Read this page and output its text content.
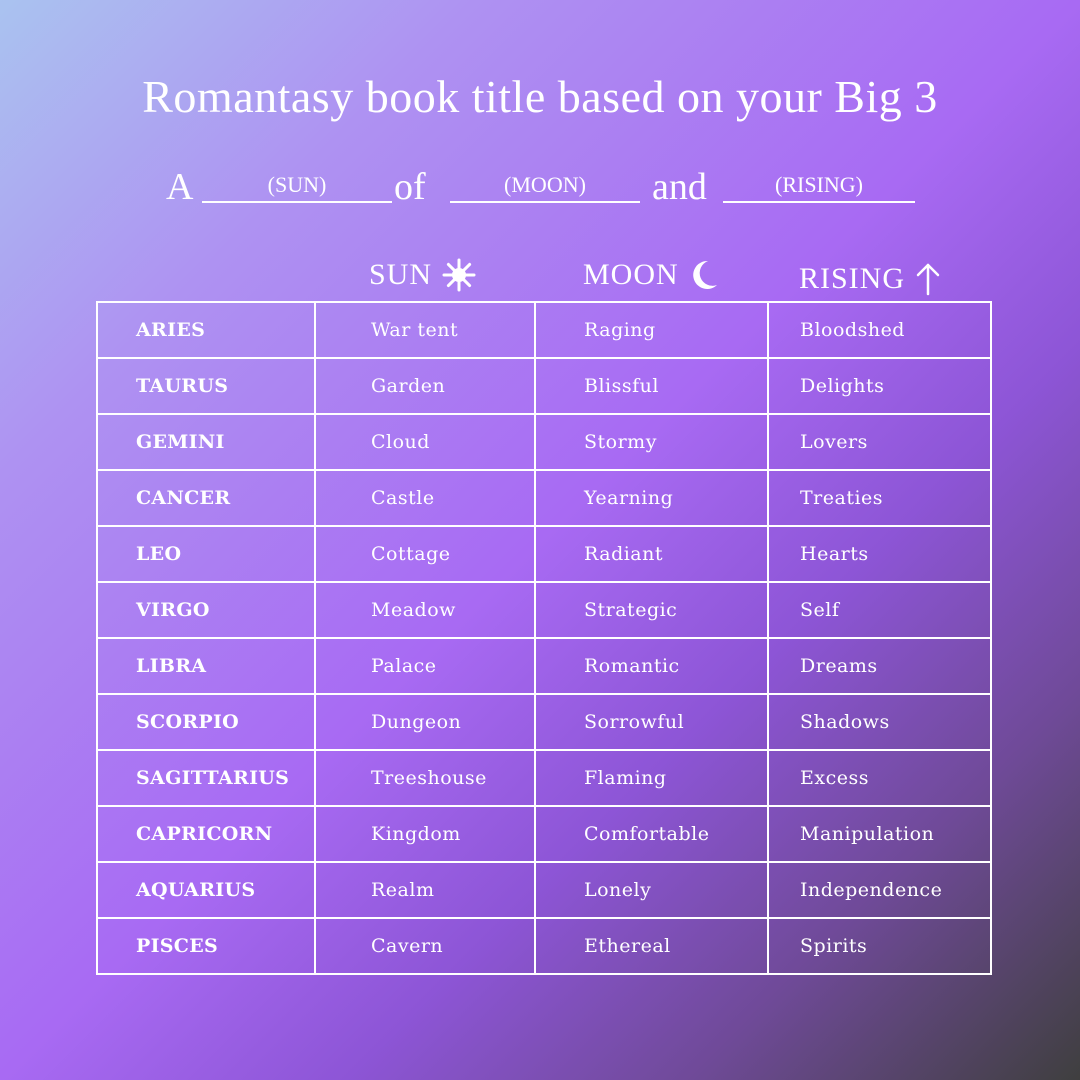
Romantasy book title based on your Big 3
A	(SUN)	of	(MOON)	and	(RISING)
SUN	MOON	RISING
ARIES	War tent	Raging	Bloodshed
TAURUS	Garden	Blissful	Delights
GEMINI	Cloud	Stormy	Lovers
CANCER	Castle	Yearning	Treaties
LEO	Cottage	Radiant	Hearts
VIRGO	Meadow	Strategic	Self
LIBRA	Palace	Romantic	Dreams
SCORPIO	Dungeon	Sorrowful	Shadows
SAGITTARIUS	Treeshouse	Flaming	Excess
CAPRICORN	Kingdom	Comfortable	Manipulation
AQUARIUS	Realm	Lonely	Independence
PISCES	Cavern	Ethereal	Spirits
